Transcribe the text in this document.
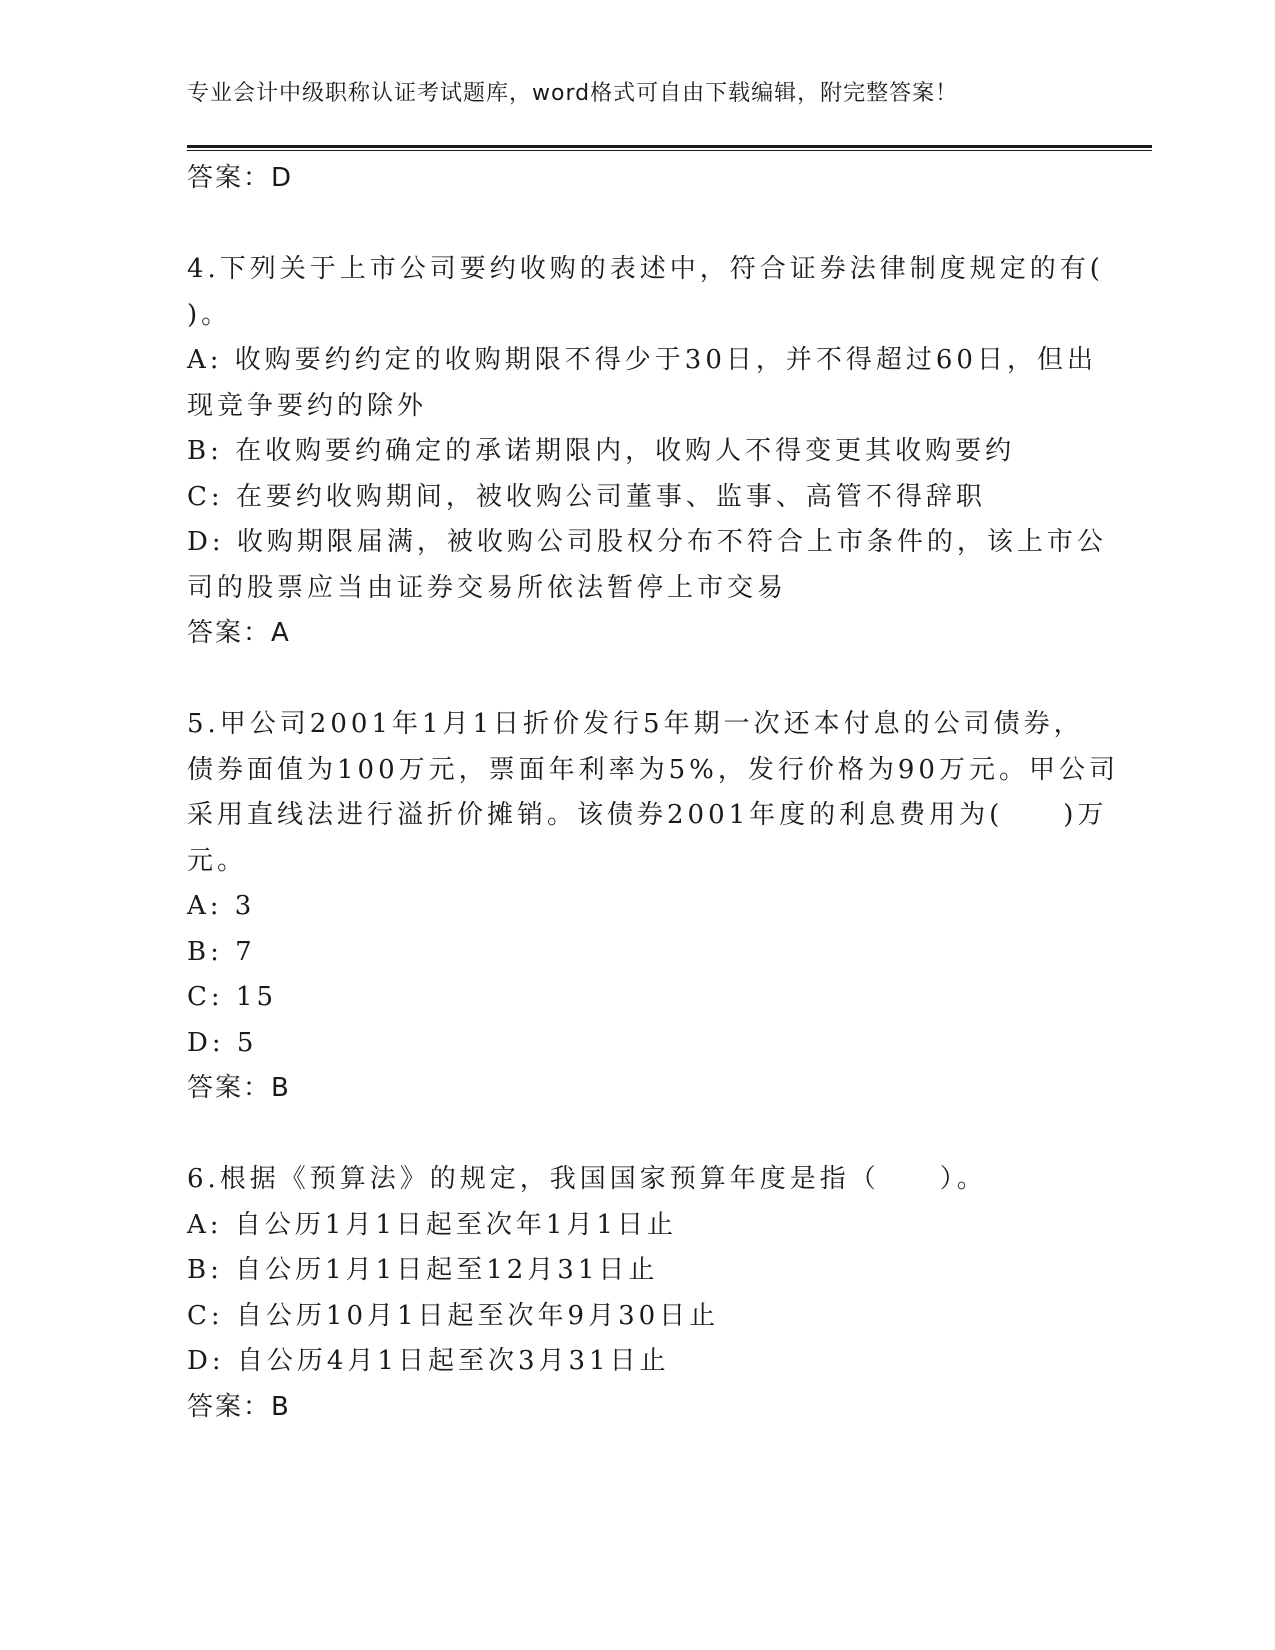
专业会计中级职称认证考试题库，word格式可自由下载编辑，附完整答案！
答案：D
4.下列关于上市公司要约收购的表述中，符合证券法律制度规定的有(
)。
A: 收购要约约定的收购期限不得少于30日，并不得超过60日，但出
现竞争要约的除外
B: 在收购要约确定的承诺期限内，收购人不得变更其收购要约
C: 在要约收购期间，被收购公司董事、监事、高管不得辞职
D: 收购期限届满，被收购公司股权分布不符合上市条件的，该上市公
司的股票应当由证券交易所依法暂停上市交易
答案：A
5.甲公司2001年1月1日折价发行5年期一次还本付息的公司债券，
债券面值为100万元，票面年利率为5%，发行价格为90万元。甲公司
采用直线法进行溢折价摊销。该债券2001年度的利息费用为(　　)万
元。
A: 3
B: 7
C: 15
D: 5
答案：B
6.根据《预算法》的规定，我国国家预算年度是指（　　）。
A: 自公历1月1日起至次年1月1日止
B: 自公历1月1日起至12月31日止
C: 自公历10月1日起至次年9月30日止
D: 自公历4月1日起至次3月31日止
答案：B
